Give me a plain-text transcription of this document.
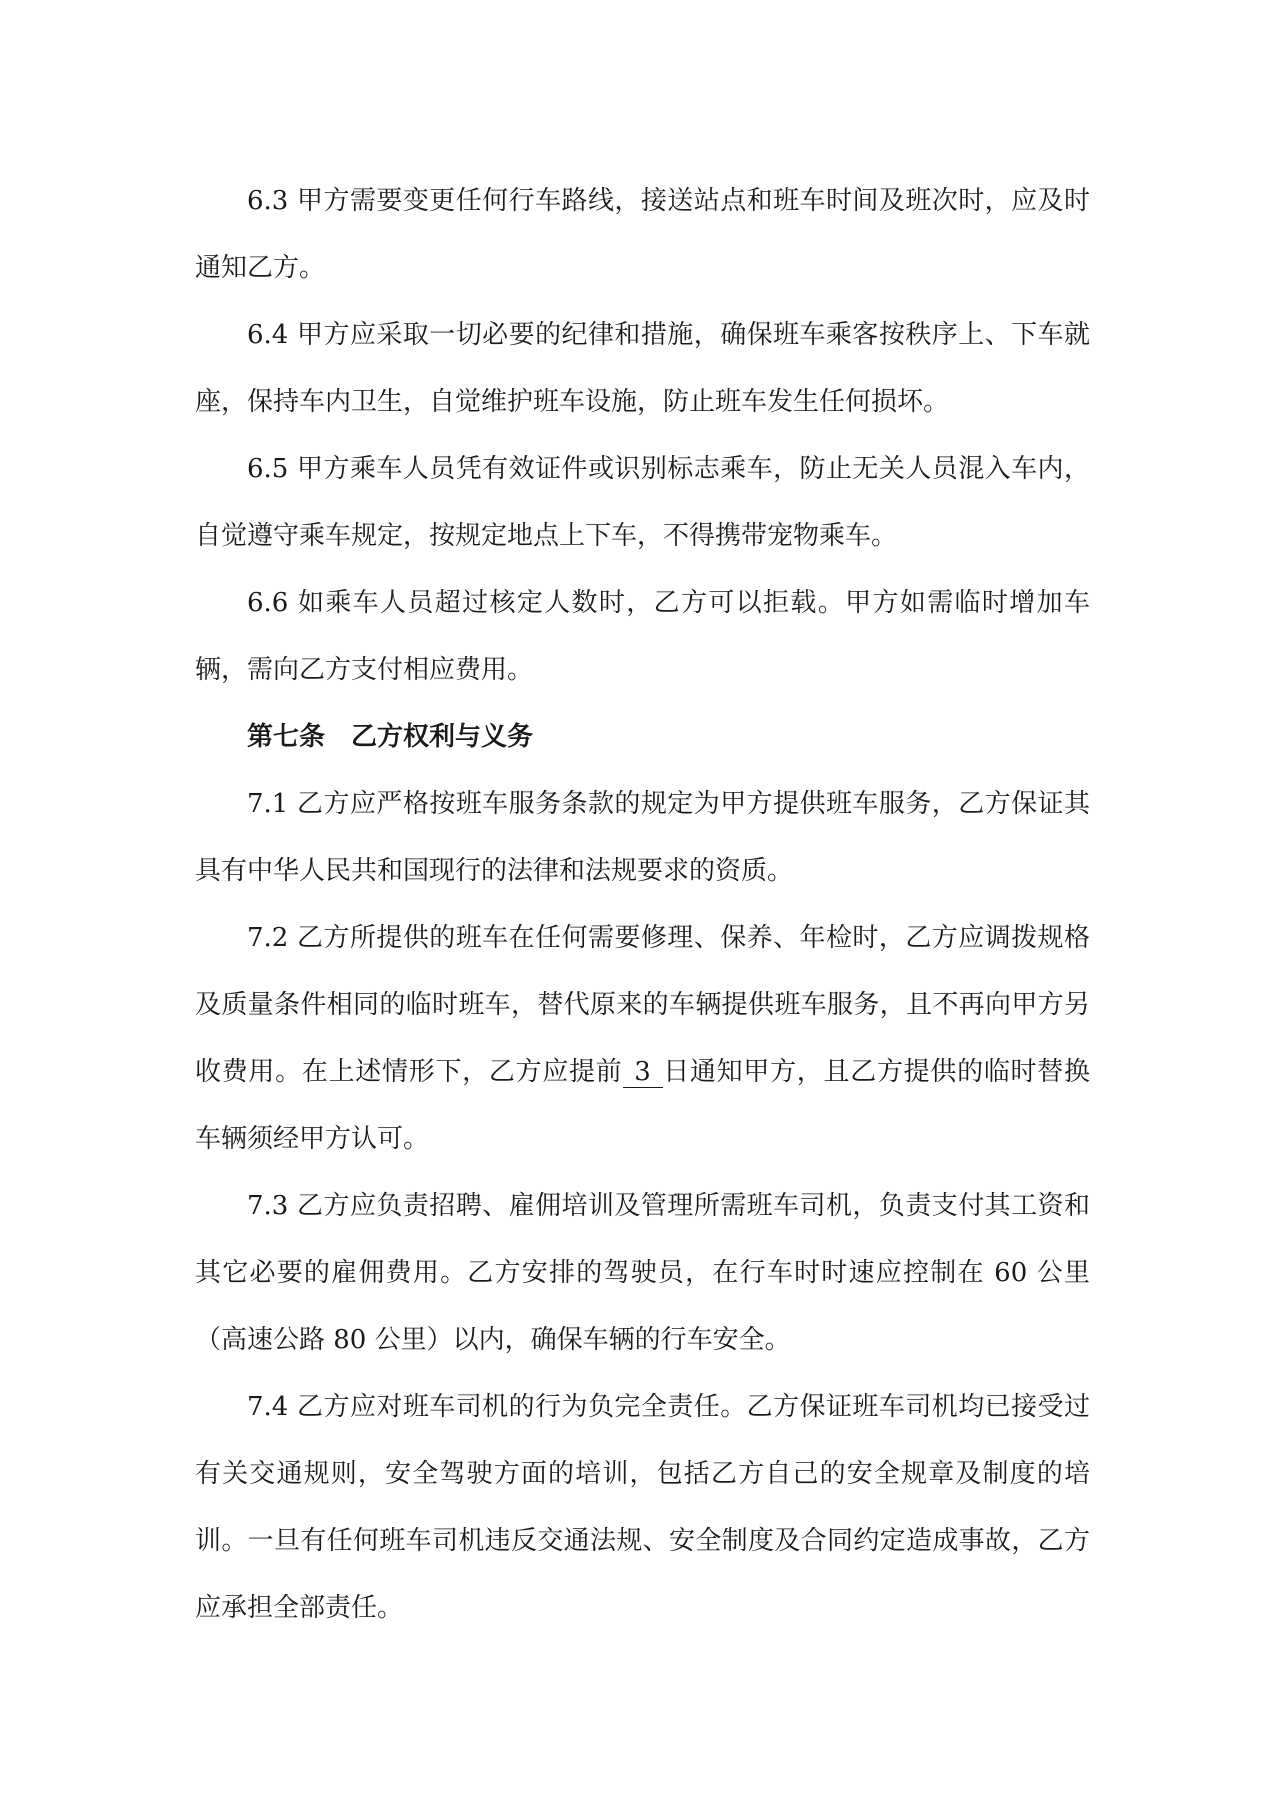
6.3 甲方需要变更任何行车路线，接送站点和班车时间及班次时，应及时通知乙方。

6.4 甲方应采取一切必要的纪律和措施，确保班车乘客按秩序上、下车就座，保持车内卫生，自觉维护班车设施，防止班车发生任何损坏。

6.5 甲方乘车人员凭有效证件或识别标志乘车，防止无关人员混入车内，自觉遵守乘车规定，按规定地点上下车，不得携带宠物乘车。

6.6 如乘车人员超过核定人数时，乙方可以拒载。甲方如需临时增加车辆，需向乙方支付相应费用。

第七条　乙方权利与义务

7.1 乙方应严格按班车服务条款的规定为甲方提供班车服务，乙方保证其具有中华人民共和国现行的法律和法规要求的资质。

7.2 乙方所提供的班车在任何需要修理、保养、年检时，乙方应调拨规格及质量条件相同的临时班车，替代原来的车辆提供班车服务，且不再向甲方另收费用。在上述情形下，乙方应提前 3 日通知甲方，且乙方提供的临时替换车辆须经甲方认可。

7.3 乙方应负责招聘、雇佣培训及管理所需班车司机，负责支付其工资和其它必要的雇佣费用。乙方安排的驾驶员，在行车时时速应控制在 60 公里（高速公路 80 公里）以内，确保车辆的行车安全。

7.4 乙方应对班车司机的行为负完全责任。乙方保证班车司机均已接受过有关交通规则，安全驾驶方面的培训，包括乙方自己的安全规章及制度的培训。一旦有任何班车司机违反交通法规、安全制度及合同约定造成事故，乙方应承担全部责任。
